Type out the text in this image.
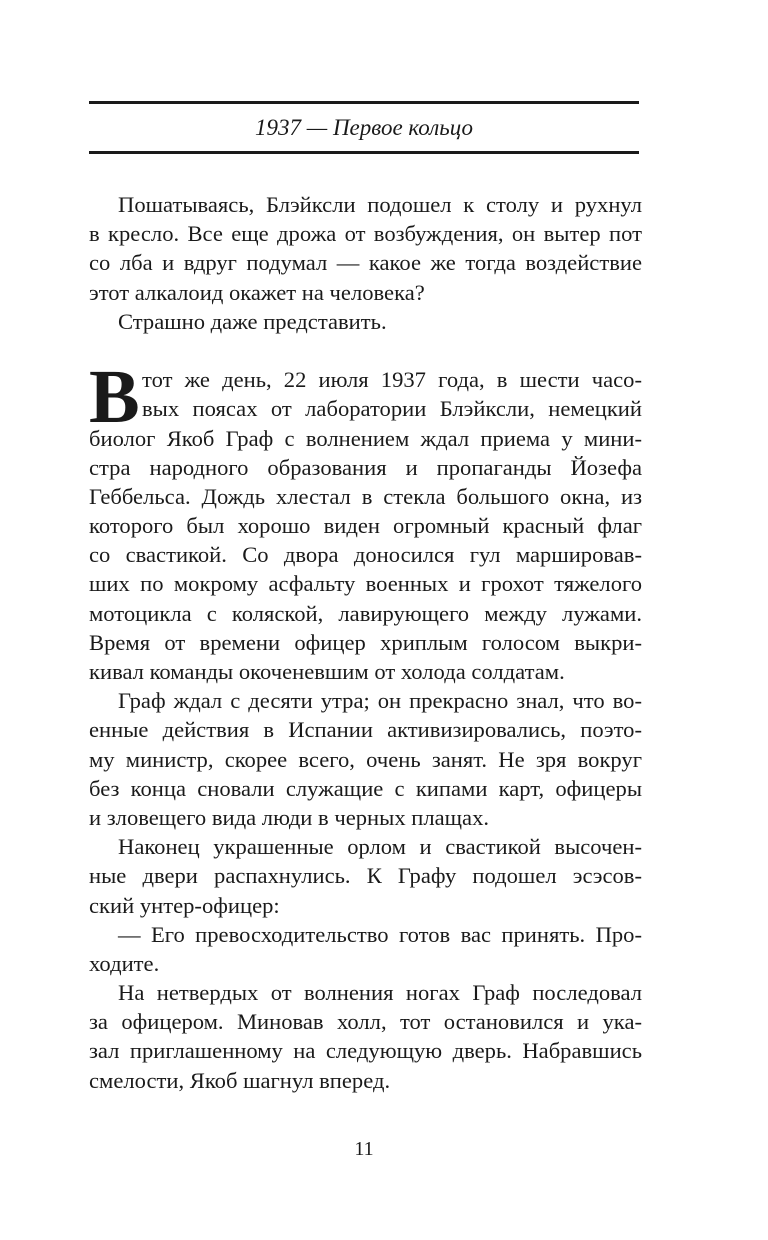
1937 — Первое кольцо
Пошатываясь, Блэйксли подошел к столу и рухнул
в кресло. Все еще дрожа от возбуждения, он вытер пот
со лба и вдруг подумал — какое же тогда воздействие
этот алкалоид окажет на человека?
Страшно даже представить.
В тот же день, 22 июля 1937 года, в шести часо-
вых поясах от лаборатории Блэйксли, немецкий
биолог Якоб Граф с волнением ждал приема у мини-
стра народного образования и пропаганды Йозефа
Геббельса. Дождь хлестал в стекла большого окна, из
которого был хорошо виден огромный красный флаг
со свастикой. Со двора доносился гул маршировав-
ших по мокрому асфальту военных и грохот тяжелого
мотоцикла с коляской, лавирующего между лужами.
Время от времени офицер хриплым голосом выкри-
кивал команды окоченевшим от холода солдатам.
Граф ждал с десяти утра; он прекрасно знал, что во-
енные действия в Испании активизировались, поэто-
му министр, скорее всего, очень занят. Не зря вокруг
без конца сновали служащие с кипами карт, офицеры
и зловещего вида люди в черных плащах.
Наконец украшенные орлом и свастикой высочен-
ные двери распахнулись. К Графу подошел эсэсов-
ский унтер-офицер:
— Его превосходительство готов вас принять. Про-
ходите.
На нетвердых от волнения ногах Граф последовал
за офицером. Миновав холл, тот остановился и ука-
зал приглашенному на следующую дверь. Набравшись
смелости, Якоб шагнул вперед.
11
